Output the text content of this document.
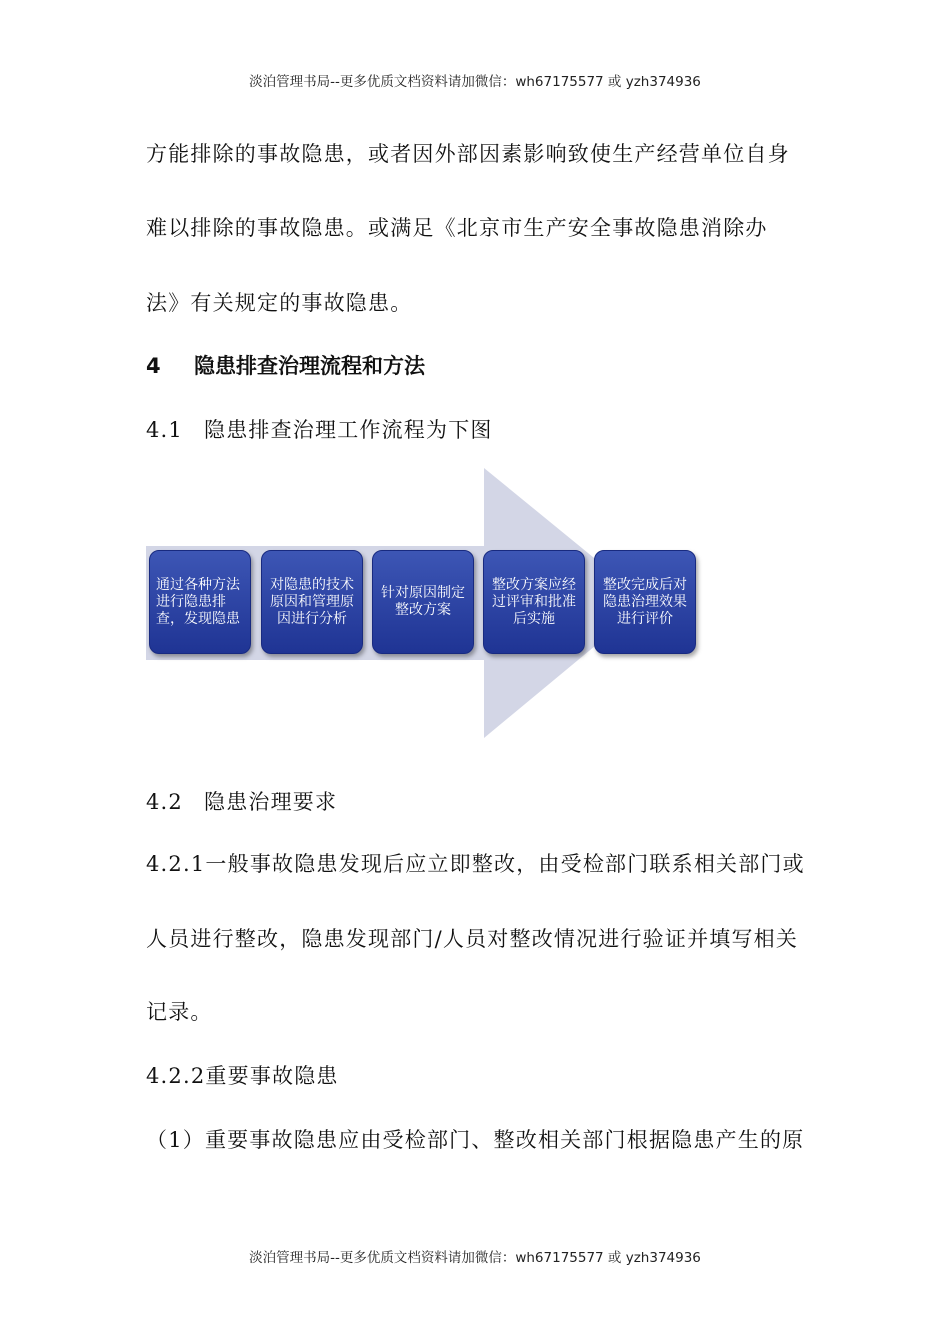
淡泊管理书局--更多优质文档资料请加微信：wh67175577 或 yzh374936
方能排除的事故隐患，或者因外部因素影响致使生产经营单位自身
难以排除的事故隐患。或满足《北京市生产安全事故隐患消除办
法》有关规定的事故隐患。
4 隐患排查治理流程和方法
4.1 隐患排查治理工作流程为下图
通过各种方法进行隐患排查，发现隐患
对隐患的技术原因和管理原因进行分析
针对原因制定整改方案
整改方案应经过评审和批准后实施
整改完成后对隐患治理效果进行评价
4.2 隐患治理要求
4.2.1一般事故隐患发现后应立即整改，由受检部门联系相关部门或
人员进行整改，隐患发现部门/人员对整改情况进行验证并填写相关
记录。
4.2.2重要事故隐患
（1）重要事故隐患应由受检部门、整改相关部门根据隐患产生的原
淡泊管理书局--更多优质文档资料请加微信：wh67175577 或 yzh374936
